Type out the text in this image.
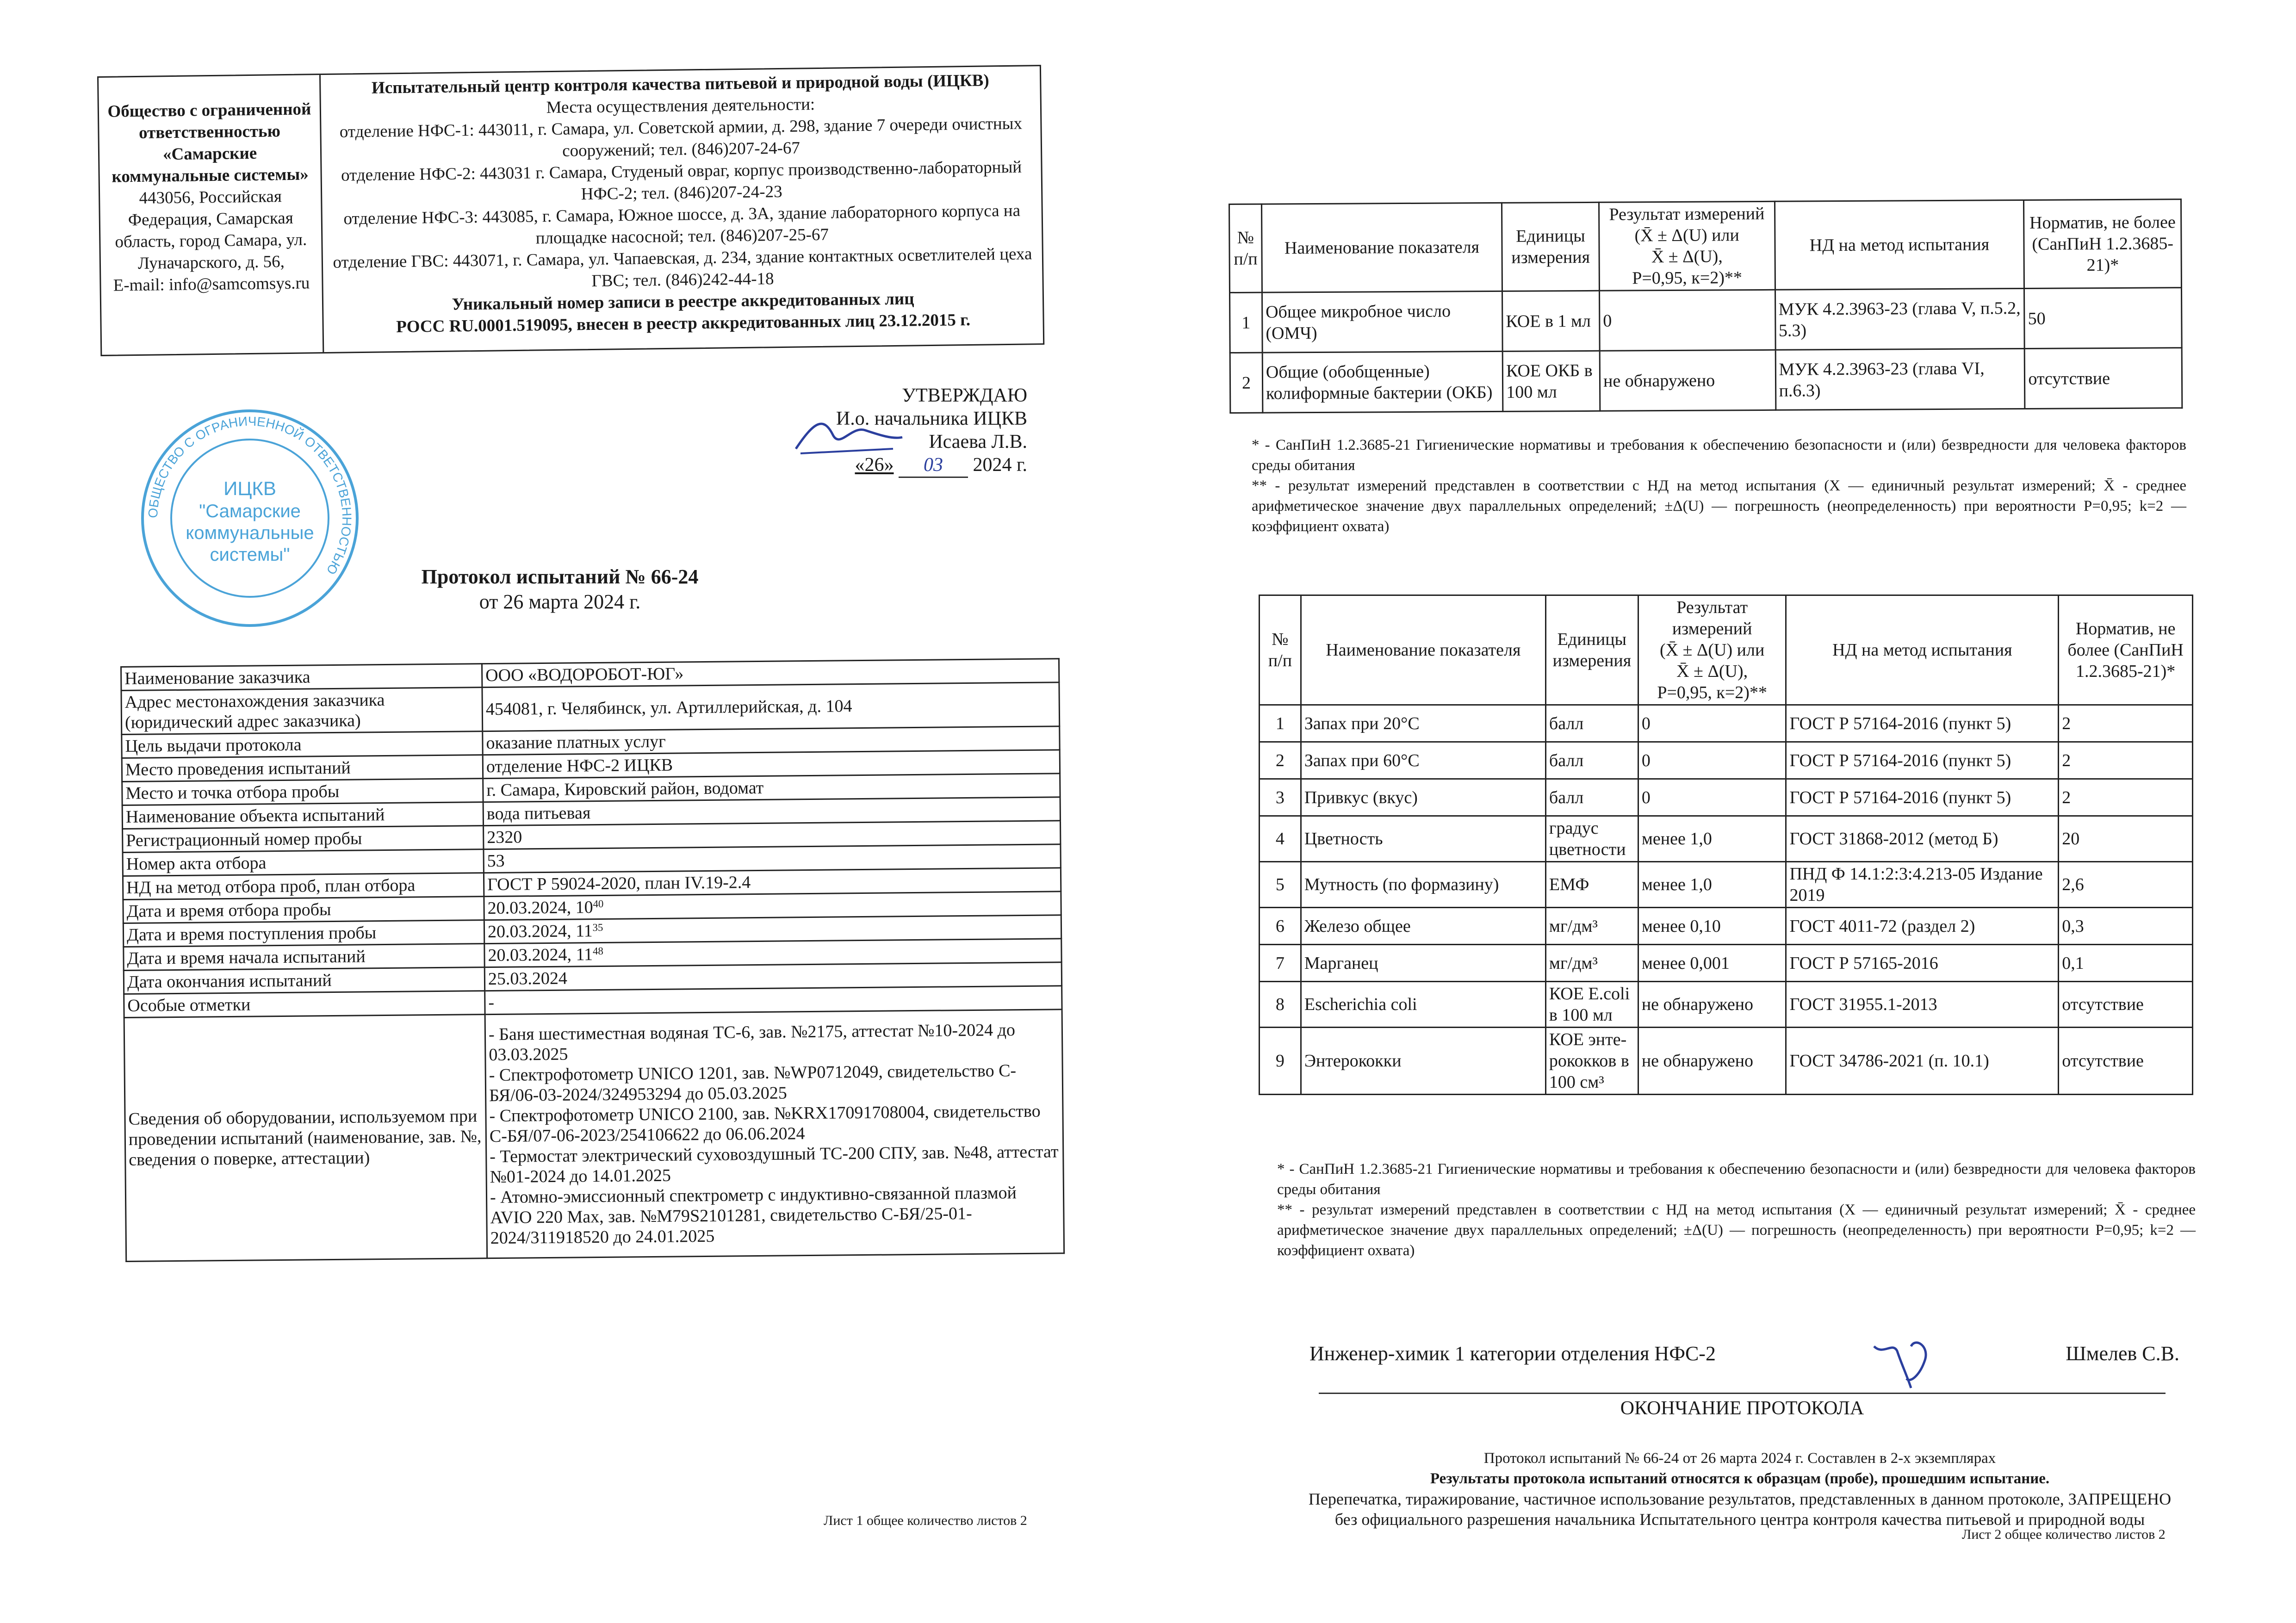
Общество с ограниченной ответственностью «Самарские коммунальные системы»
443056, Российская Федерация, Самарская область, город Самара, ул. Луначарского, д. 56,
E-mail: info@samcomsys.ru
Испытательный центр контроля качества питьевой и природной воды (ИЦКВ)
Места осуществления деятельности:
отделение НФС-1: 443011, г. Самара, ул. Советской армии, д. 298, здание 7 очереди очистных сооружений; тел. (846)207-24-67
отделение НФС-2: 443031 г. Самара, Студеный овраг, корпус производственно-лабораторный НФС-2; тел. (846)207-24-23
отделение НФС-3: 443085, г. Самара, Южное шоссе, д. 3А, здание лабораторного корпуса на площадке насосной; тел. (846)207-25-67
отделение ГВС: 443071, г. Самара, ул. Чапаевская, д. 234, здание контактных осветлителей цеха ГВС; тел. (846)242-44-18
Уникальный номер записи в реестре аккредитованных лиц
РОСС RU.0001.519095, внесен в реестр аккредитованных лиц 23.12.2015 г.
УТВЕРЖДАЮ
И.о. начальника ИЦКВ
Исаева Л.В.
«26» 03 2024 г.
ОБЩЕСТВО С ОГРАНИЧЕННОЙ ОТВЕТСТВЕННОСТЬЮ
ИЦКВ
"Самарские
коммунальные
системы"
Протокол испытаний № 66-24
от 26 марта 2024 г.
Наименование заказчика	ООО «ВОДОРОБОТ-ЮГ»
Адрес местонахождения заказчика (юридический адрес заказчика)	454081, г. Челябинск, ул. Артиллерийская, д. 104
Цель выдачи протокола	оказание платных услуг
Место проведения испытаний	отделение НФС-2 ИЦКВ
Место и точка отбора пробы	г. Самара, Кировский район, водомат
Наименование объекта испытаний	вода питьевая
Регистрационный номер пробы	2320
Номер акта отбора	53
НД на метод отбора проб, план отбора	ГОСТ Р 59024-2020, план IV.19-2.4
Дата и время отбора пробы	20.03.2024, $10^{40}$
Дата и время поступления пробы	20.03.2024, $11^{35}$
Дата и время начала испытаний	20.03.2024, $11^{48}$
Дата окончания испытаний	25.03.2024
Особые отметки	-
Сведения об оборудовании, используемом при проведении испытаний (наименование, зав. №, сведения о поверке, аттестации)	- Баня шестиместная водяная ТС-6, зав. №2175, аттестат №10-2024 до 03.03.2025
- Спектрофотометр UNICO 1201, зав. №WP0712049, свидетельство С-БЯ/06-03-2024/324953294 до 05.03.2025
- Спектрофотометр UNICO 2100, зав. №KRX17091708004, свидетельство С-БЯ/07-06-2023/254106622 до 06.06.2024
- Термостат электрический суховоздушный ТС-200 СПУ, зав. №48, аттестат №01-2024 до 14.01.2025
- Атомно-эмиссионный спектрометр с индуктивно-связанной плазмой AVIO 220 Max, зав. №M79S2101281, свидетельство С-БЯ/25-01-2024/311918520 до 24.01.2025
Лист 1 общее количество листов 2
№ п/п	Наименование показателя	Единицы измерения	Результат измерений
(X̄ ± Δ(U) или
X̄ ± Δ(U),
P=0,95, к=2)**	НД на метод испытания	Норматив, не более (СанПиН 1.2.3685-21)*
1	Общее микробное число (ОМЧ)	КОЕ в 1 мл	0	МУК 4.2.3963-23 (глава V, п.5.2, 5.3)	50
2	Общие (обобщенные) колиформные бактерии (ОКБ)	КОЕ ОКБ в 100 мл	не обнаружено	МУК 4.2.3963-23 (глава VI, п.6.3)	отсутствие
* - СанПиН 1.2.3685-21 Гигиенические нормативы и требования к обеспечению безопасности и (или) безвредности для человека факторов среды обитания
** - результат измерений представлен в соответствии с НД на метод испытания (X — единичный результат измерений; X̄ - среднее арифметическое значение двух параллельных определений; ±Δ(U) — погрешность (неопределенность) при вероятности P=0,95; k=2 — коэффициент охвата)
№ п/п	Наименование показателя	Единицы измерения	Результат измерений
(X̄ ± Δ(U) или
X̄ ± Δ(U),
P=0,95, к=2)**	НД на метод испытания	Норматив, не более (СанПиН 1.2.3685-21)*
1	Запах при 20°С	балл	0	ГОСТ Р 57164-2016 (пункт 5)	2
2	Запах при 60°С	балл	0	ГОСТ Р 57164-2016 (пункт 5)	2
3	Привкус (вкус)	балл	0	ГОСТ Р 57164-2016 (пункт 5)	2
4	Цветность	градус цветности	менее 1,0	ГОСТ 31868-2012 (метод Б)	20
5	Мутность (по формазину)	ЕМФ	менее 1,0	ПНД Ф 14.1:2:3:4.213-05 Издание 2019	2,6
6	Железо общее	мг/дм³	менее 0,10	ГОСТ 4011-72 (раздел 2)	0,3
7	Марганец	мг/дм³	менее 0,001	ГОСТ Р 57165-2016	0,1
8	Escherichia coli	КОЕ E.coli в 100 мл	не обнаружено	ГОСТ 31955.1-2013	отсутствие
9	Энтерококки	КОЕ энте-рококков в 100 см³	не обнаружено	ГОСТ 34786-2021 (п. 10.1)	отсутствие
* - СанПиН 1.2.3685-21 Гигиенические нормативы и требования к обеспечению безопасности и (или) безвредности для человека факторов среды обитания
** - результат измерений представлен в соответствии с НД на метод испытания (X — единичный результат измерений; X̄ - среднее арифметическое значение двух параллельных определений; ±Δ(U) — погрешность (неопределенность) при вероятности P=0,95; k=2 — коэффициент охвата)
Инженер-химик 1 категории отделения НФС-2	Шмелев С.В.
ОКОНЧАНИЕ ПРОТОКОЛА
Протокол испытаний № 66-24 от 26 марта 2024 г. Составлен в 2-х экземплярах
Результаты протокола испытаний относятся к образцам (пробе), прошедшим испытание.
Перепечатка, тиражирование, частичное использование результатов, представленных в данном протоколе, ЗАПРЕЩЕНО
без официального разрешения начальника Испытательного центра контроля качества питьевой и природной воды
Лист 2 общее количество листов 2
